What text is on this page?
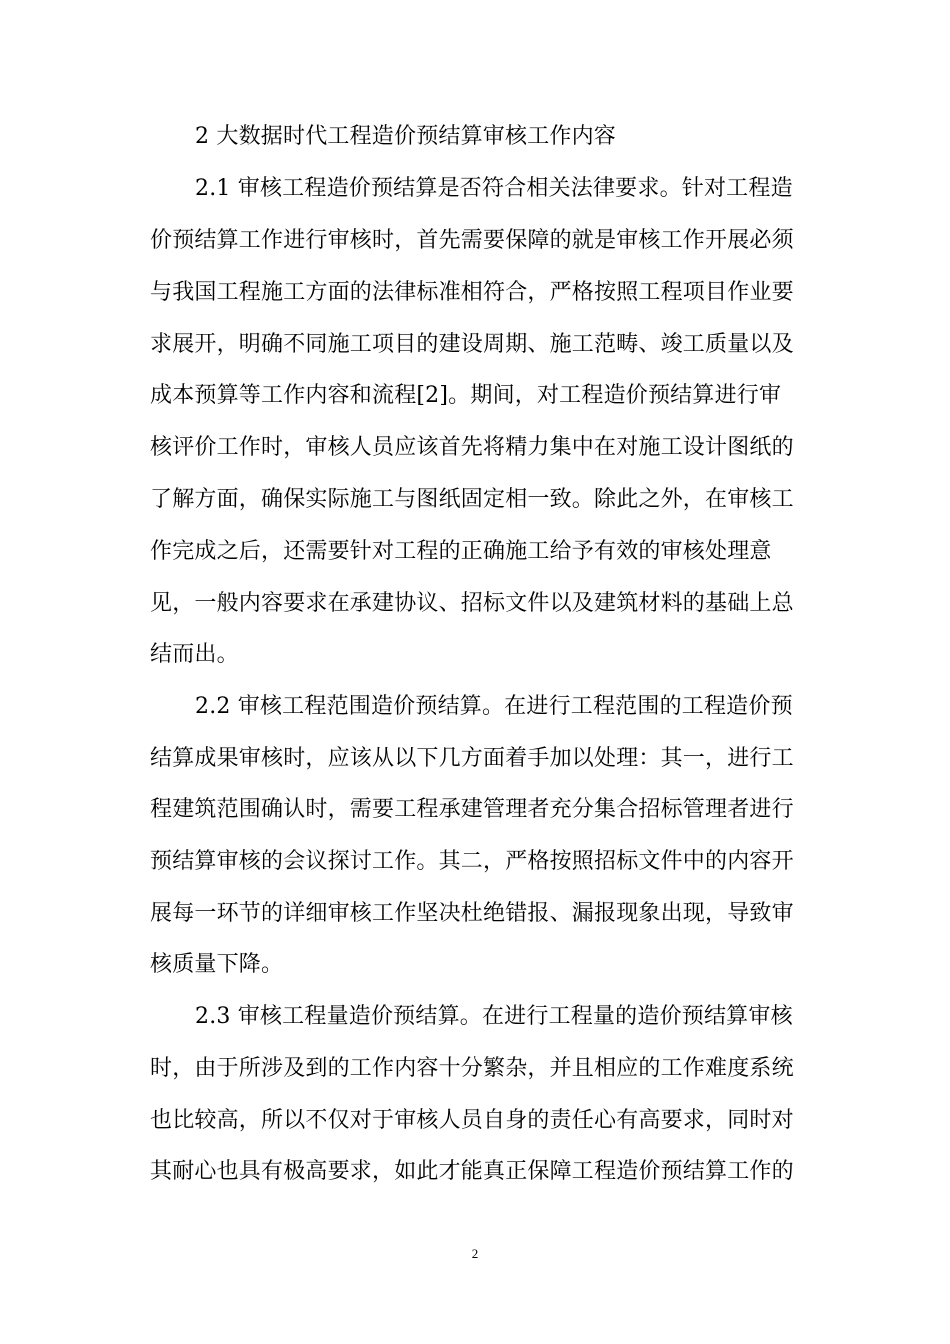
2 大数据时代工程造价预结算审核工作内容
2.1 审核工程造价预结算是否符合相关法律要求。针对工程造
价预结算工作进行审核时，首先需要保障的就是审核工作开展必须
与我国工程施工方面的法律标准相符合，严格按照工程项目作业要
求展开，明确不同施工项目的建设周期、施工范畴、竣工质量以及
成本预算等工作内容和流程[2]。期间，对工程造价预结算进行审
核评价工作时，审核人员应该首先将精力集中在对施工设计图纸的
了解方面，确保实际施工与图纸固定相一致。除此之外，在审核工
作完成之后，还需要针对工程的正确施工给予有效的审核处理意
见，一般内容要求在承建协议、招标文件以及建筑材料的基础上总
结而出。
2.2 审核工程范围造价预结算。在进行工程范围的工程造价预
结算成果审核时，应该从以下几方面着手加以处理：其一，进行工
程建筑范围确认时，需要工程承建管理者充分集合招标管理者进行
预结算审核的会议探讨工作。其二，严格按照招标文件中的内容开
展每一环节的详细审核工作坚决杜绝错报、漏报现象出现，导致审
核质量下降。
2.3 审核工程量造价预结算。在进行工程量的造价预结算审核
时，由于所涉及到的工作内容十分繁杂，并且相应的工作难度系统
也比较高，所以不仅对于审核人员自身的责任心有高要求，同时对
其耐心也具有极高要求，如此才能真正保障工程造价预结算工作的
2
